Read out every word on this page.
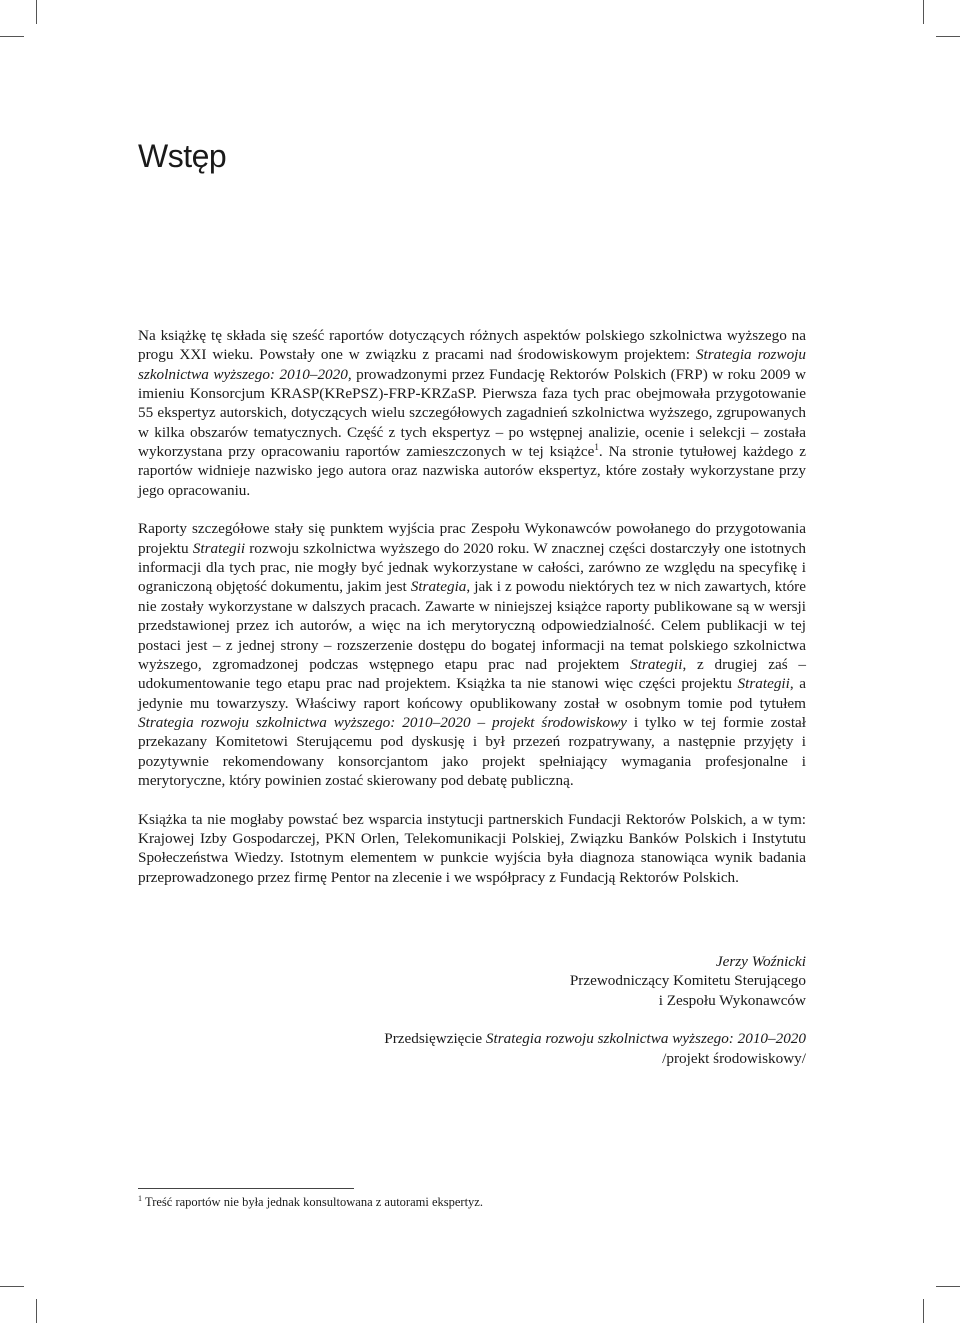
Wstęp

Na książkę tę składa się sześć raportów dotyczących różnych aspektów polskiego szkolnictwa wyższego na progu XXI wieku. Powstały one w związku z pracami nad środowiskowym projektem: Strategia rozwoju szkolnictwa wyższego: 2010–2020, prowadzonymi przez Fundację Rektorów Polskich (FRP) w roku 2009 w imieniu Konsorcjum KRASP(KRePSZ)-FRP-KRZaSP. Pierwsza faza tych prac obejmowała przygotowanie 55 ekspertyz autorskich, dotyczących wielu szczegółowych zagadnień szkolnictwa wyższego, zgrupowanych w kilka obszarów tematycznych. Część z tych ekspertyz – po wstępnej analizie, ocenie i selekcji – została wykorzystana przy opracowaniu raportów zamieszczonych w tej książce$^1$. Na stronie tytułowej każdego z raportów widnieje nazwisko jego autora oraz nazwiska autorów ekspertyz, które zostały wykorzystane przy jego opracowaniu.

Raporty szczegółowe stały się punktem wyjścia prac Zespołu Wykonawców powołanego do przygotowania projektu Strategii rozwoju szkolnictwa wyższego do 2020 roku. W znacznej części dostarczyły one istotnych informacji dla tych prac, nie mogły być jednak wykorzystane w całości, zarówno ze względu na specyfikę i ograniczoną objętość dokumentu, jakim jest Strategia, jak i z powodu niektórych tez w nich zawartych, które nie zostały wykorzystane w dalszych pracach. Zawarte w niniejszej książce raporty publikowane są w wersji przedstawionej przez ich autorów, a więc na ich merytoryczną odpowiedzialność. Celem publikacji w tej postaci jest – z jednej strony – rozszerzenie dostępu do bogatej informacji na temat polskiego szkolnictwa wyższego, zgromadzonej podczas wstępnego etapu prac nad projektem Strategii, z drugiej zaś – udokumentowanie tego etapu prac nad projektem. Książka ta nie stanowi więc części projektu Strategii, a jedynie mu towarzyszy. Właściwy raport końcowy opublikowany został w osobnym tomie pod tytułem Strategia rozwoju szkolnictwa wyższego: 2010–2020 – projekt środowiskowy i tylko w tej formie został przekazany Komitetowi Sterującemu pod dyskusję i był przezeń rozpatrywany, a następnie przyjęty i pozytywnie rekomendowany konsorcjantom jako projekt spełniający wymagania profesjonalne i merytoryczne, który powinien zostać skierowany pod debatę publiczną.

Książka ta nie mogłaby powstać bez wsparcia instytucji partnerskich Fundacji Rektorów Polskich, a w tym: Krajowej Izby Gospodarczej, PKN Orlen, Telekomunikacji Polskiej, Związku Banków Polskich i Instytutu Społeczeństwa Wiedzy. Istotnym elementem w punkcie wyjścia była diagnoza stanowiąca wynik badania przeprowadzonego przez firmę Pentor na zlecenie i we współpracy z Fundacją Rektorów Polskich.

Jerzy Woźnicki
Przewodniczący Komitetu Sterującego
i Zespołu Wykonawców
Przedsięwzięcie Strategia rozwoju szkolnictwa wyższego: 2010–2020
/projekt środowiskowy/
$^1$ Treść raportów nie była jednak konsultowana z autorami ekspertyz.
